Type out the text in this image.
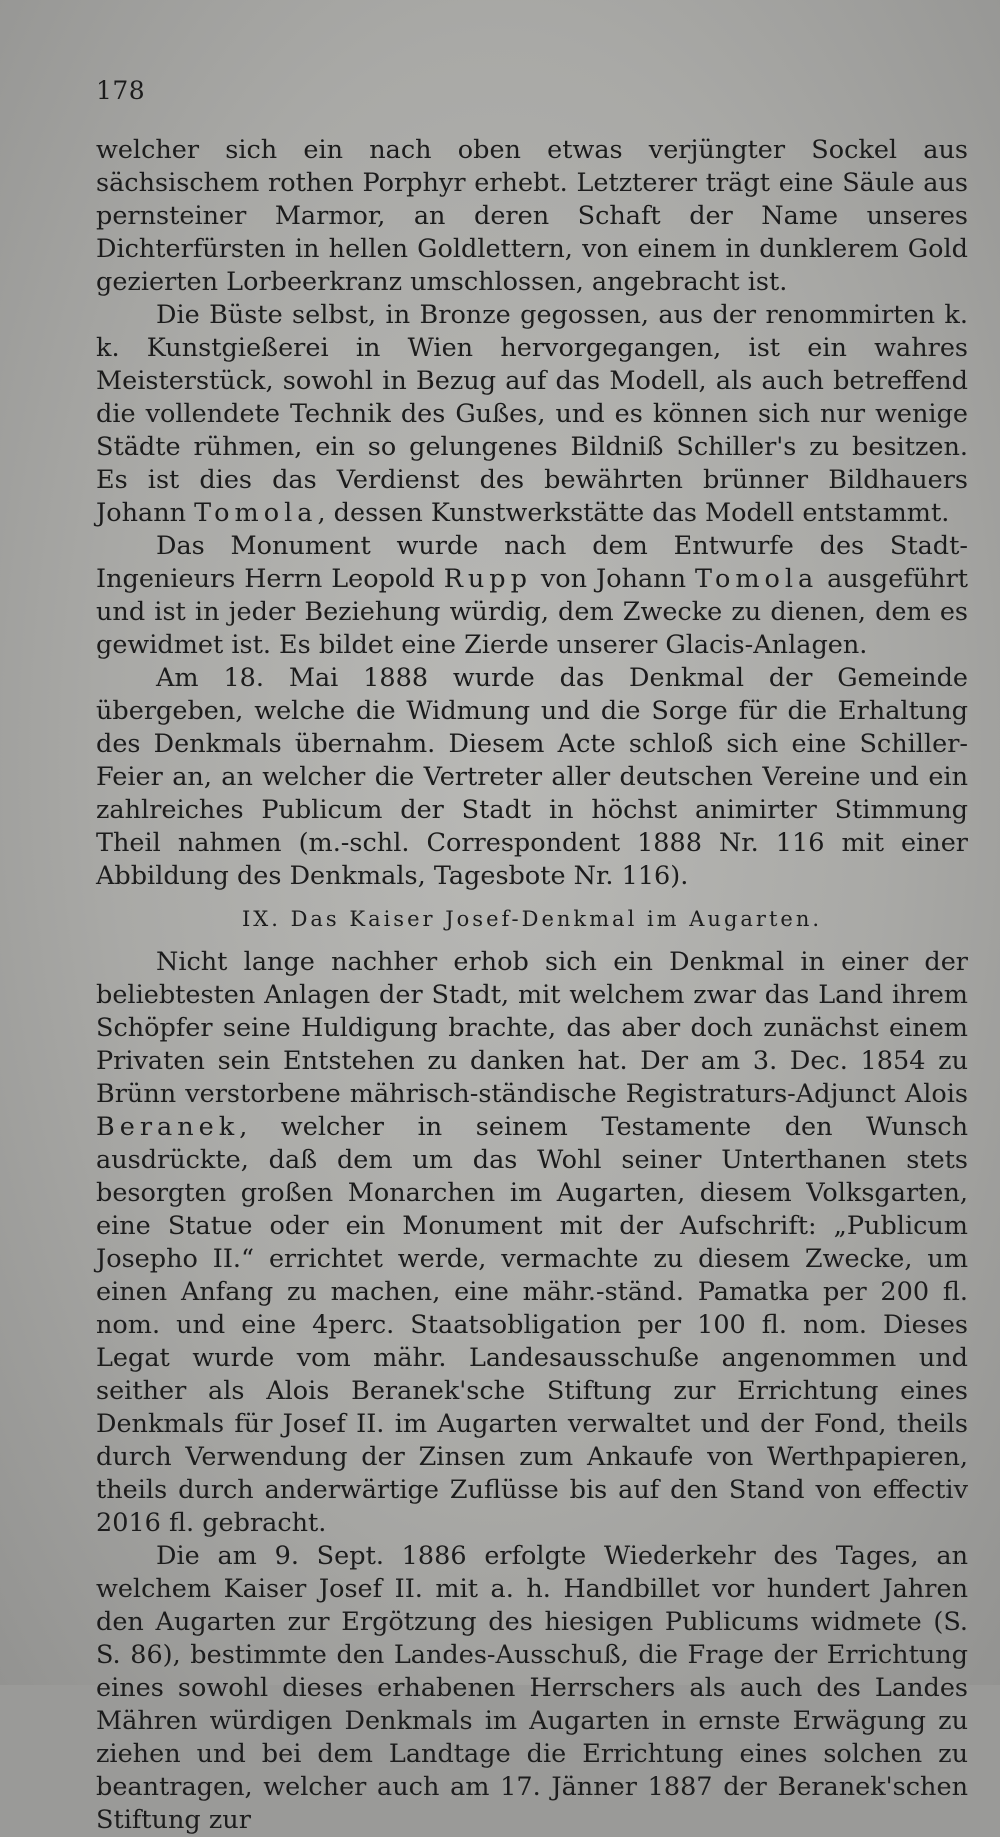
178

welcher sich ein nach oben etwas verjüngter Sockel aus sächsischem rothen Porphyr erhebt. Letzterer trägt eine Säule aus pernsteiner Marmor, an deren Schaft der Name unseres Dichterfürsten in hellen Goldlettern, von einem in dunklerem Gold gezierten Lorbeerkranz umschlossen, angebracht ist.

Die Büste selbst, in Bronze gegossen, aus der renommirten k. k. Kunstgießerei in Wien hervorgegangen, ist ein wahres Meisterstück, sowohl in Bezug auf das Modell, als auch betreffend die vollendete Technik des Gußes, und es können sich nur wenige Städte rühmen, ein so gelungenes Bildniß Schiller's zu besitzen. Es ist dies das Verdienst des bewährten brünner Bildhauers Johann Tomola, dessen Kunstwerkstätte das Modell entstammt.

Das Monument wurde nach dem Entwurfe des Stadt-Ingenieurs Herrn Leopold Rupp von Johann Tomola ausgeführt und ist in jeder Beziehung würdig, dem Zwecke zu dienen, dem es gewidmet ist. Es bildet eine Zierde unserer Glacis-Anlagen.

Am 18. Mai 1888 wurde das Denkmal der Gemeinde übergeben, welche die Widmung und die Sorge für die Erhaltung des Denkmals übernahm. Diesem Acte schloß sich eine Schiller-Feier an, an welcher die Vertreter aller deutschen Vereine und ein zahlreiches Publicum der Stadt in höchst animirter Stimmung Theil nahmen (m.-schl. Correspondent 1888 Nr. 116 mit einer Abbildung des Denkmals, Tagesbote Nr. 116).

IX. Das Kaiser Josef-Denkmal im Augarten.

Nicht lange nachher erhob sich ein Denkmal in einer der beliebtesten Anlagen der Stadt, mit welchem zwar das Land ihrem Schöpfer seine Huldigung brachte, das aber doch zunächst einem Privaten sein Entstehen zu danken hat. Der am 3. Dec. 1854 zu Brünn verstorbene mährisch-ständische Registraturs-Adjunct Alois Beranek, welcher in seinem Testamente den Wunsch ausdrückte, daß dem um das Wohl seiner Unterthanen stets besorgten großen Monarchen im Augarten, diesem Volksgarten, eine Statue oder ein Monument mit der Aufschrift: „Publicum Josepho II.“ errichtet werde, vermachte zu diesem Zwecke, um einen Anfang zu machen, eine mähr.-ständ. Pamatka per 200 fl. nom. und eine 4perc. Staatsobligation per 100 fl. nom. Dieses Legat wurde vom mähr. Landesausschuße angenommen und seither als Alois Beranek'sche Stiftung zur Errichtung eines Denkmals für Josef II. im Augarten verwaltet und der Fond, theils durch Verwendung der Zinsen zum Ankaufe von Werthpapieren, theils durch anderwärtige Zuflüsse bis auf den Stand von effectiv 2016 fl. gebracht.

Die am 9. Sept. 1886 erfolgte Wiederkehr des Tages, an welchem Kaiser Josef II. mit a. h. Handbillet vor hundert Jahren den Augarten zur Ergötzung des hiesigen Publicums widmete (S. S. 86), bestimmte den Landes-Ausschuß, die Frage der Errichtung eines sowohl dieses erhabenen Herrschers als auch des Landes Mähren würdigen Denkmals im Augarten in ernste Erwägung zu ziehen und bei dem Landtage die Errichtung eines solchen zu beantragen, welcher auch am 17. Jänner 1887 der Beranek'schen Stiftung zur
